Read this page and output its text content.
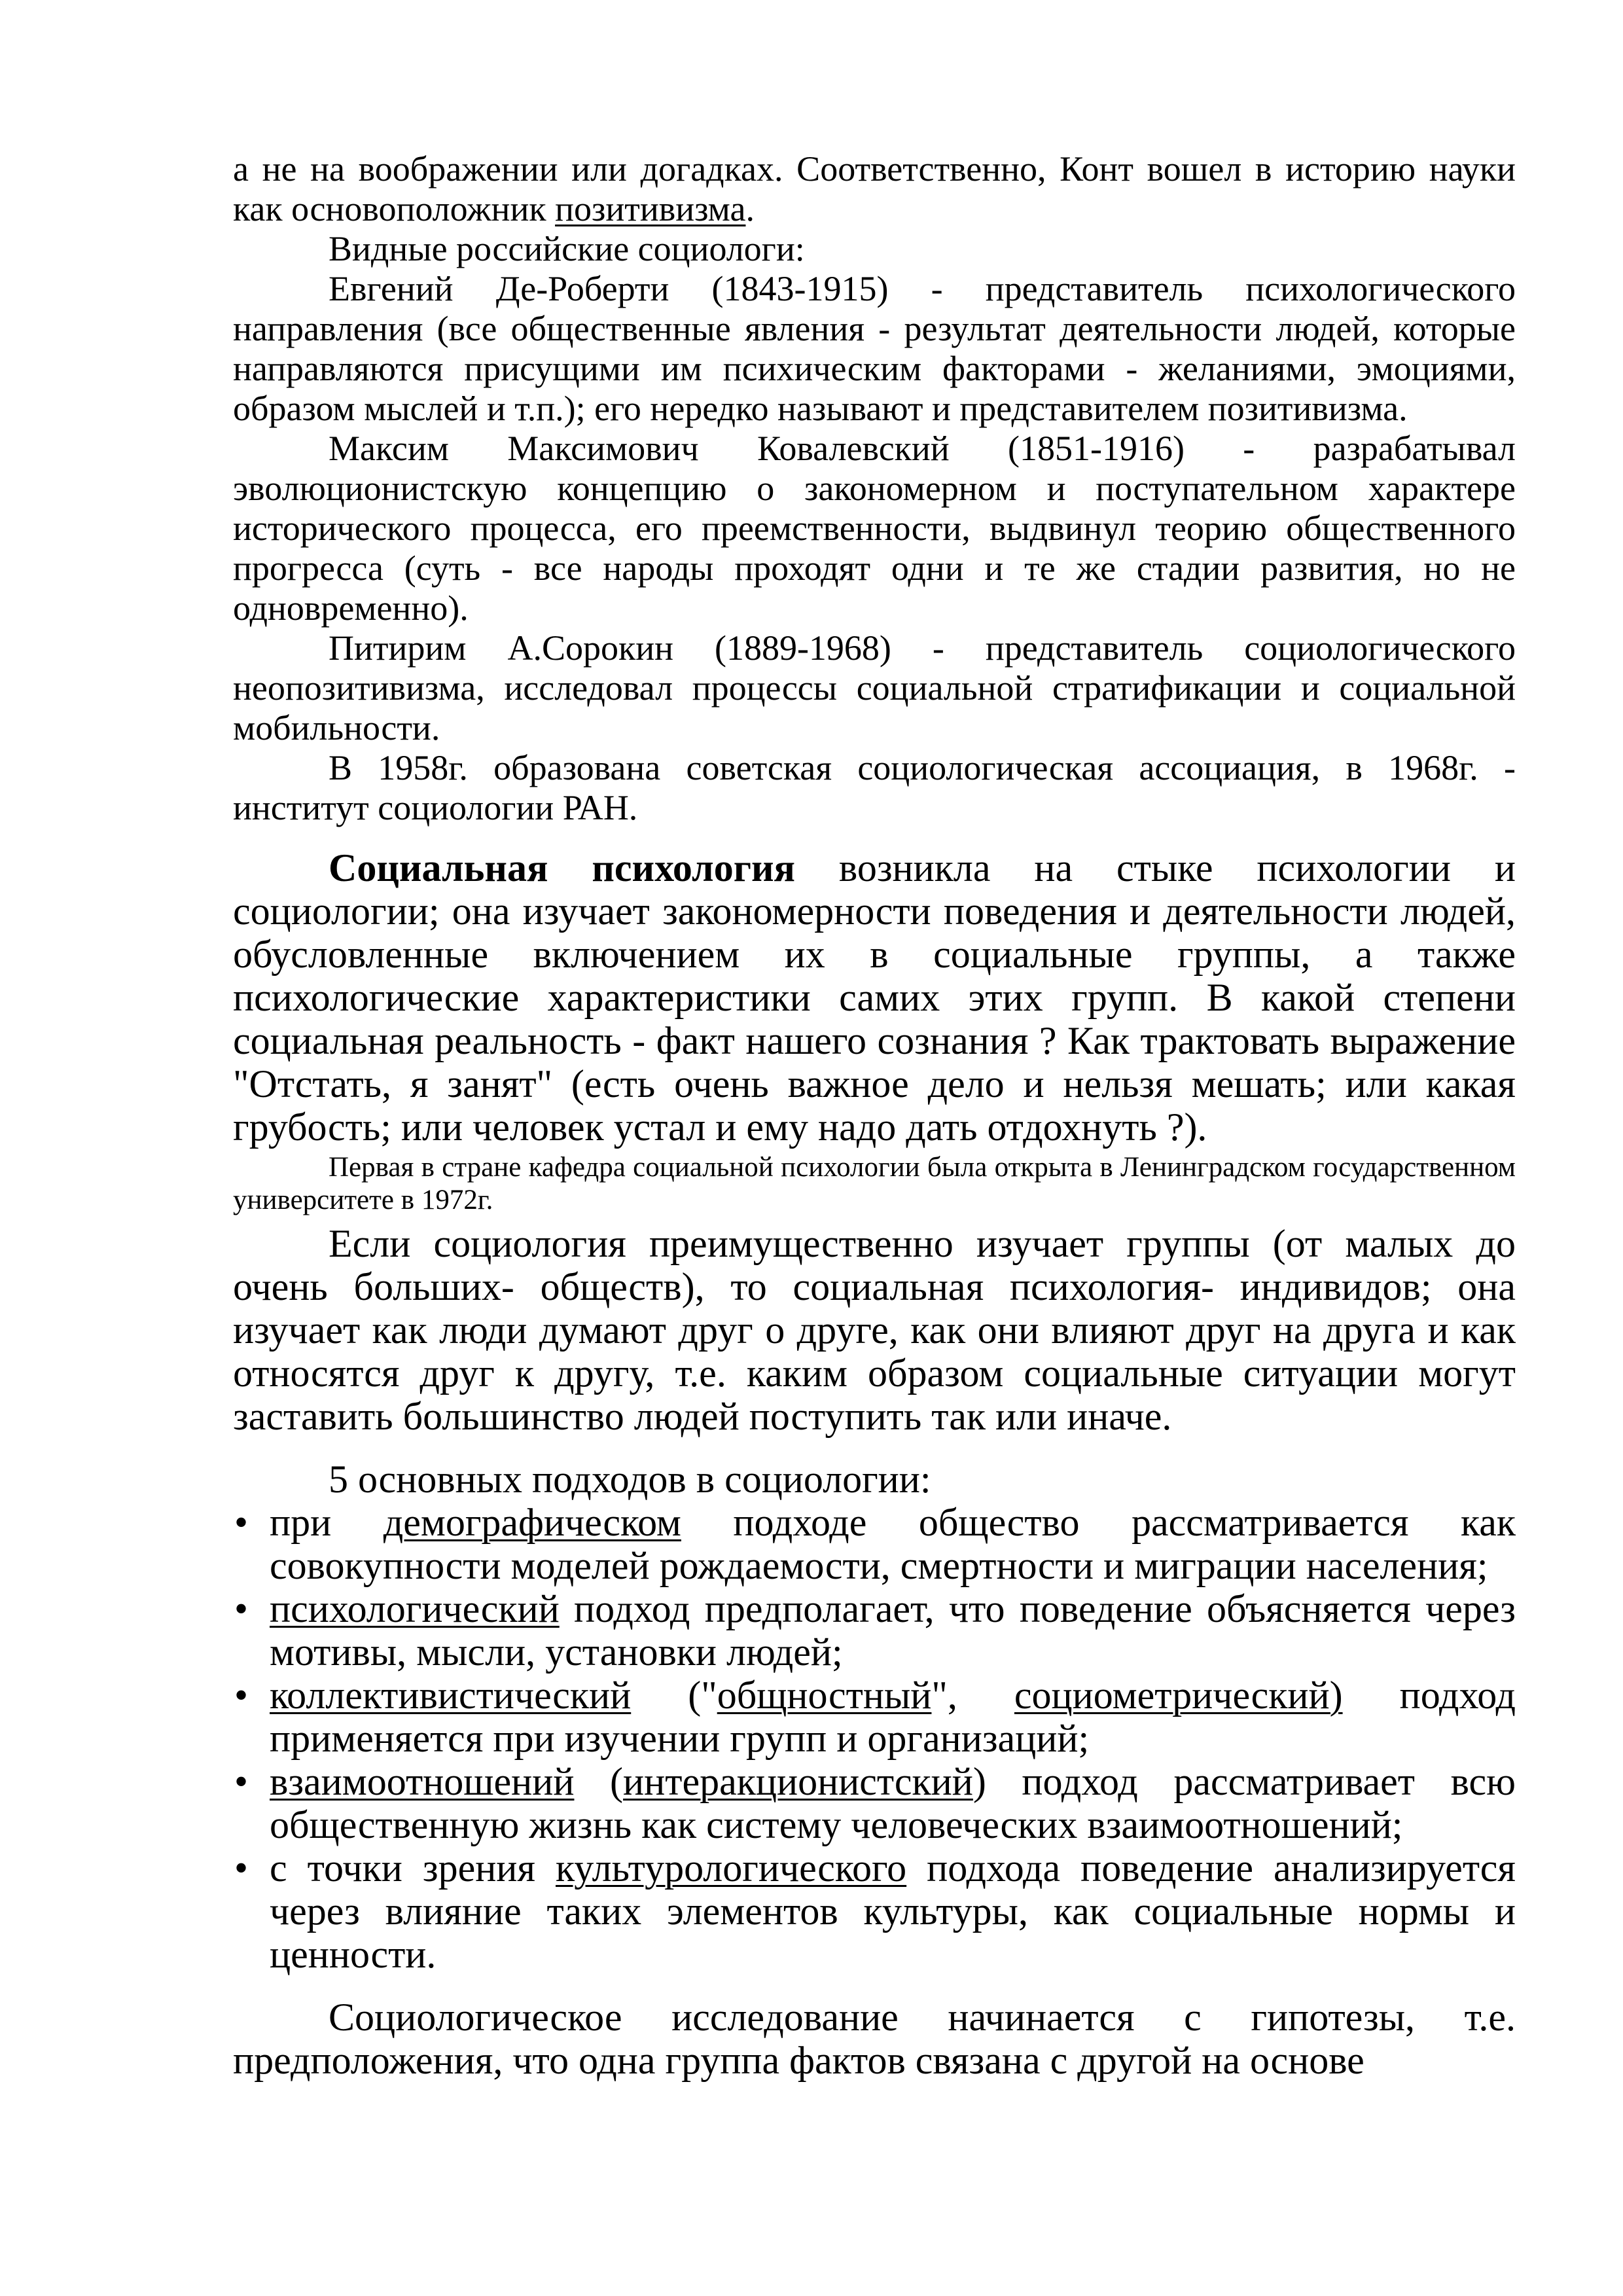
а не на воображении или догадках. Соответственно, Конт вошел в историю науки как основоположник позитивизма.

Видные российские социологи:

Евгений Де-Роберти (1843-1915) - представитель психологического направления (все общественные явления - результат деятельности людей, которые направляются присущими им психическим факторами - желаниями, эмоциями, образом мыслей и т.п.); его нередко называют и представителем позитивизма.

Максим Максимович Ковалевский (1851-1916) - разрабатывал эволюционистскую концепцию о закономерном и поступательном характере исторического процесса, его преемственности, выдвинул теорию общественного прогресса (суть - все народы проходят одни и те же стадии развития, но не одновременно).

Питирим А.Сорокин (1889-1968) - представитель социологического неопозитивизма, исследовал процессы социальной стратификации и социальной мобильности.

В 1958г. образована советская социологическая ассоциация, в 1968г. - институт социологии РАН.

Социальная психология возникла на стыке психологии и социологии; она изучает закономерности поведения и деятельности людей, обусловленные включением их в социальные группы, а также психологические характеристики самих этих групп. В какой степени социальная реальность - факт нашего сознания ? Как трактовать выражение "Отстать, я занят" (есть очень важное дело и нельзя мешать; или какая грубость; или человек устал и ему надо дать отдохнуть ?).

Первая в стране кафедра социальной психологии была открыта в Ленинградском государственном университете в 1972г.

Если социология преимущественно изучает группы (от малых до очень больших- обществ), то социальная психология- индивидов; она изучает как люди думают друг о друге, как они влияют друг на друга и как относятся друг к другу, т.е. каким образом социальные ситуации могут заставить большинство людей поступить так или иначе.

5 основных подходов в социологии:

• при демографическом подходе общество рассматривается как совокупности моделей рождаемости, смертности и миграции населения;
• психологический подход предполагает, что поведение объясняется через мотивы, мысли, установки людей;
• коллективистический ("общностный", социометрический) подход применяется при изучении групп и организаций;
• взаимоотношений (интеракционистский) подход рассматривает всю общественную жизнь как систему человеческих взаимоотношений;
• с точки зрения культурологического подхода поведение анализируется через влияние таких элементов культуры, как социальные нормы и ценности.

Социологическое исследование начинается с гипотезы, т.е. предположения, что одна группа фактов связана с другой на основе
